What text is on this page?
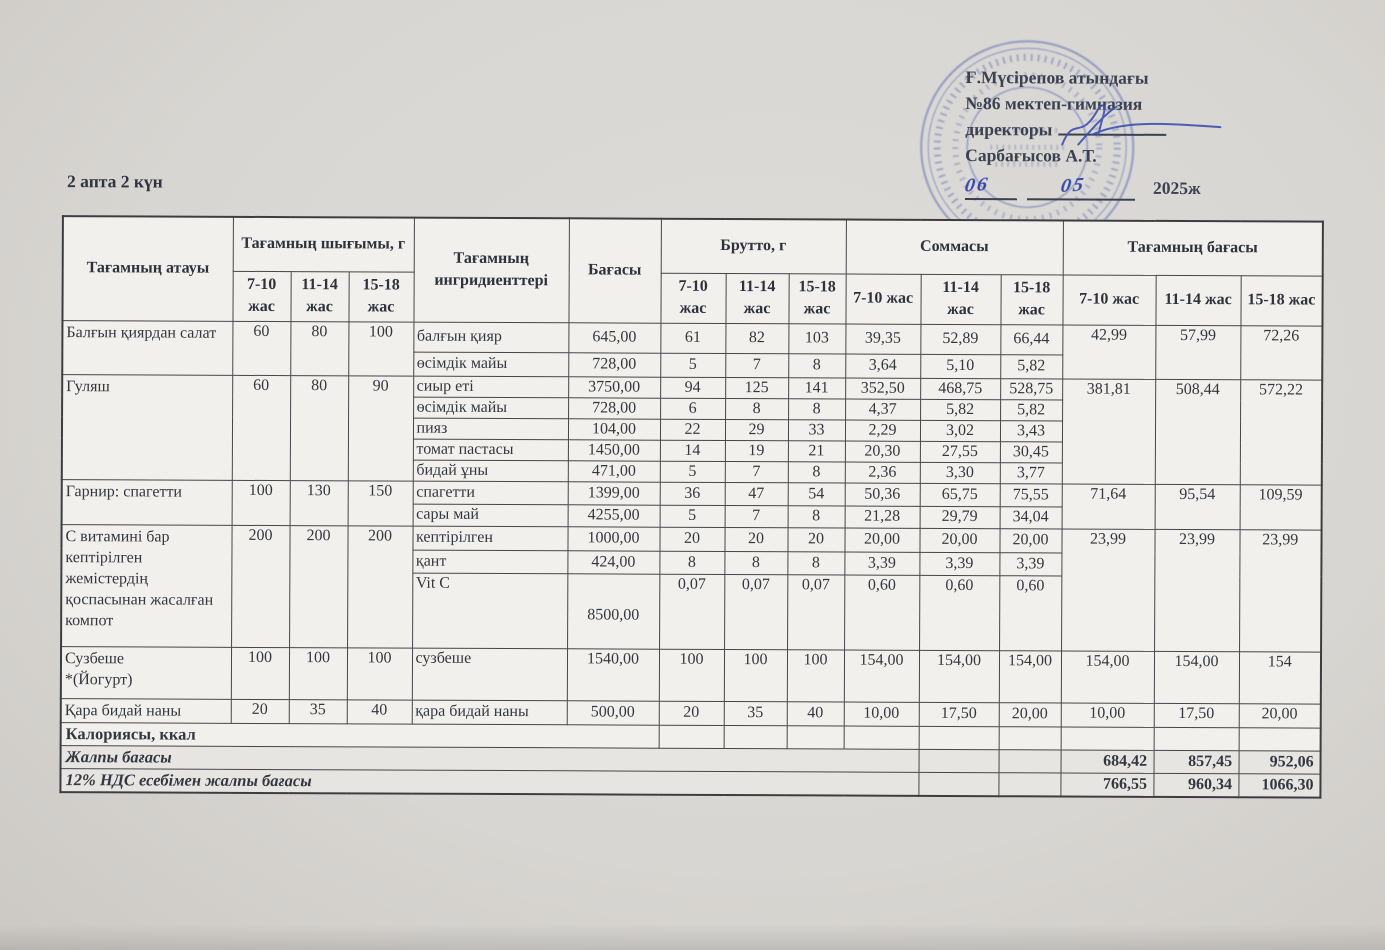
Ғ.Мүсірепов атындағы
№86 мектеп-гимназия
директоры
Сарбағысов А.Т.
06	05	2025ж
2 апта 2 күн
Тағамның атауы	Тағамның шығымы, г			Тағамның ингридиенттері	Бағасы	Брутто, г			Соммасы			Тағамның бағасы		
	7-10 жас	11-14 жас	15-18 жас			7-10 жас	11-14 жас	15-18 жас	7-10 жас	11-14 жас	15-18 жас	7-10 жас	11-14 жас	15-18 жас
Балғын қиярдан салат	60	80	100	балғын қияр	645,00	61	82	103	39,35	52,89	66,44	42,99	57,99	72,26
				өсімдік майы	728,00	5	7	8	3,64	5,10	5,82			
Гуляш	60	80	90	сиыр еті	3750,00	94	125	141	352,50	468,75	528,75	381,81	508,44	572,22
				өсімдік майы	728,00	6	8	8	4,37	5,82	5,82			
				пияз	104,00	22	29	33	2,29	3,02	3,43			
				томат пастасы	1450,00	14	19	21	20,30	27,55	30,45			
				бидай ұны	471,00	5	7	8	2,36	3,30	3,77			
Гарнир: спагетти	100	130	150	спагетти	1399,00	36	47	54	50,36	65,75	75,55	71,64	95,54	109,59
				сары май	4255,00	5	7	8	21,28	29,79	34,04			
С витамині бар кептірілген жемістердің қоспасынан жасалған компот	200	200	200	кептірілген	1000,00	20	20	20	20,00	20,00	20,00	23,99	23,99	23,99
				қант	424,00	8	8	8	3,39	3,39	3,39			
				Vit C	8500,00	0,07	0,07	0,07	0,60	0,60	0,60			
Сузбеше
*(Йогурт)	100	100	100	сузбеше	1540,00	100	100	100	154,00	154,00	154,00	154,00	154,00	154
Қара бидай наны	20	35	40	қара бидай наны	500,00	20	35	40	10,00	17,50	20,00	10,00	17,50	20,00
Калориясы, ккал														
Жалпы бағасы												684,42	857,45	952,06
12% НДС есебімен жалпы бағасы												766,55	960,34	1066,30
